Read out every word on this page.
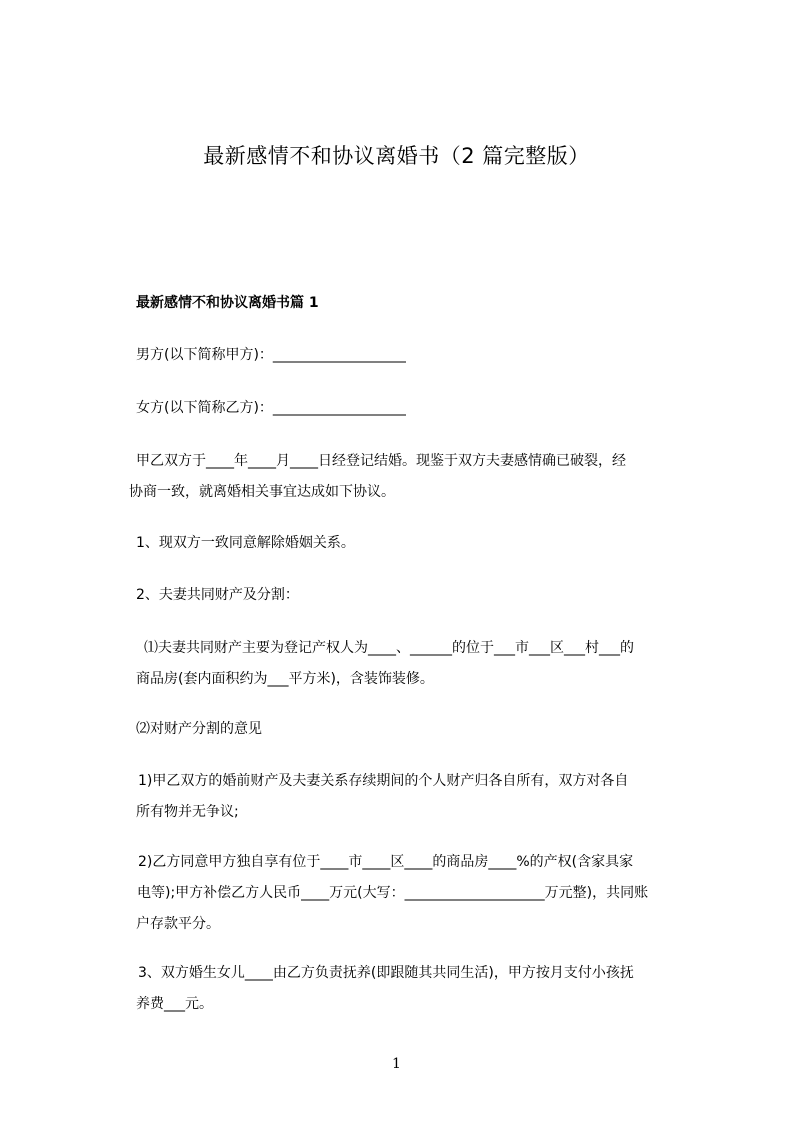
最新感情不和协议离婚书（2 篇完整版）
最新感情不和协议离婚书篇 1
男方(以下简称甲方)：___________________
女方(以下简称乙方)：___________________
甲乙双方于____年____月____日经登记结婚。现鉴于双方夫妻感情确已破裂，经
协商一致，就离婚相关事宜达成如下协议。
1、现双方一致同意解除婚姻关系。
2、夫妻共同财产及分割：
⑴夫妻共同财产主要为登记产权人为____、______的位于___市___区___村___的
商品房(套内面积约为___平方米)，含装饰装修。
⑵对财产分割的意见
1)甲乙双方的婚前财产及夫妻关系存续期间的个人财产归各自所有，双方对各自
所有物并无争议;
2)乙方同意甲方独自享有位于____市____区____的商品房____%的产权(含家具家
电等);甲方补偿乙方人民币____万元(大写：____________________万元整)，共同账
户存款平分。
3、双方婚生女儿____由乙方负责抚养(即跟随其共同生活)，甲方按月支付小孩抚
养费___元。
1
